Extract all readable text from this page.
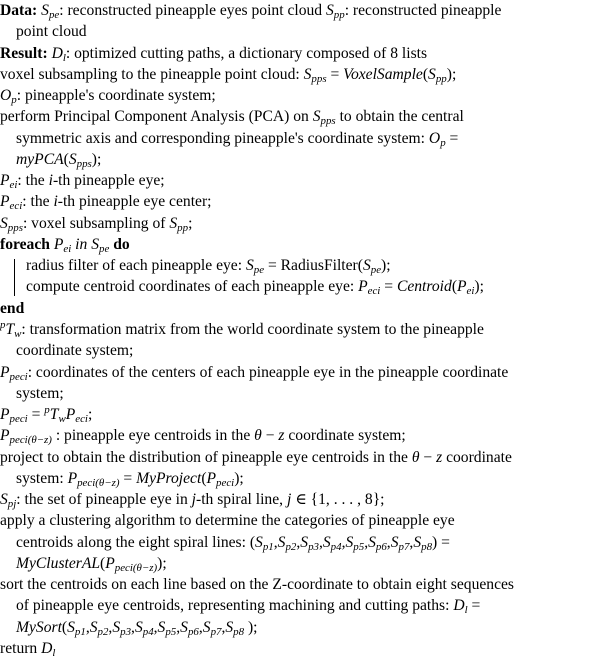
Data: $S_{pe}$: reconstructed pineapple eyes point cloud $S_{pp}$: reconstructed pineapple
point cloud
Result: $D_l$: optimized cutting paths, a dictionary composed of 8 lists
voxel subsampling to the pineapple point cloud: $S_{pps}$ = $VoxelSample(S_{pp})$;
$O_p$: pineapple's coordinate system;
perform Principal Component Analysis (PCA) on $S_{pps}$ to obtain the central
symmetric axis and corresponding pineapple's coordinate system: $O_p$ =
$myPCA(S_{pps})$;
$P_{ei}$: the i-th pineapple eye;
$P_{eci}$: the i-th pineapple eye center;
$S_{pps}$: voxel subsampling of $S_{pp}$;
foreach $P_{ei}$ in $S_{pe}$ do
radius filter of each pineapple eye: $S_{pe}$ = $RadiusFilter(S_{pe})$;
compute centroid coordinates of each pineapple eye: $P_{eci}$ = $Centroid(P_{ei})$;
end
$^pT_w$: transformation matrix from the world coordinate system to the pineapple
coordinate system;
$P_{peci}$: coordinates of the centers of each pineapple eye in the pineapple coordinate
system;
$P_{peci} = ^pT_wP_{eci}$;
$P_{peci(\theta-z)}$ : pineapple eye centroids in the θ − z coordinate system;
project to obtain the distribution of pineapple eye centroids in the θ − z coordinate
system: $P_{peci(\theta-z)}$ = $MyProject(P_{peci})$;
$S_{pj}$: the set of pineapple eye in j-th spiral line, j ∈ {1, . . . , 8};
apply a clustering algorithm to determine the categories of pineapple eye
centroids along the eight spiral lines: $(S_{p1},S_{p2},S_{p3},S_{p4},S_{p5},S_{p6},S_{p7},S_{p8})$ =
$MyClusterAL(P_{peci(\theta-z)})$;
sort the centroids on each line based on the Z-coordinate to obtain eight sequences
of pineapple eye centroids, representing machining and cutting paths: $D_l$ =
$MySort(S_{p1},S_{p2},S_{p3},S_{p4},S_{p5},S_{p6},S_{p7},S_{p8}$ );
return $D_l$
